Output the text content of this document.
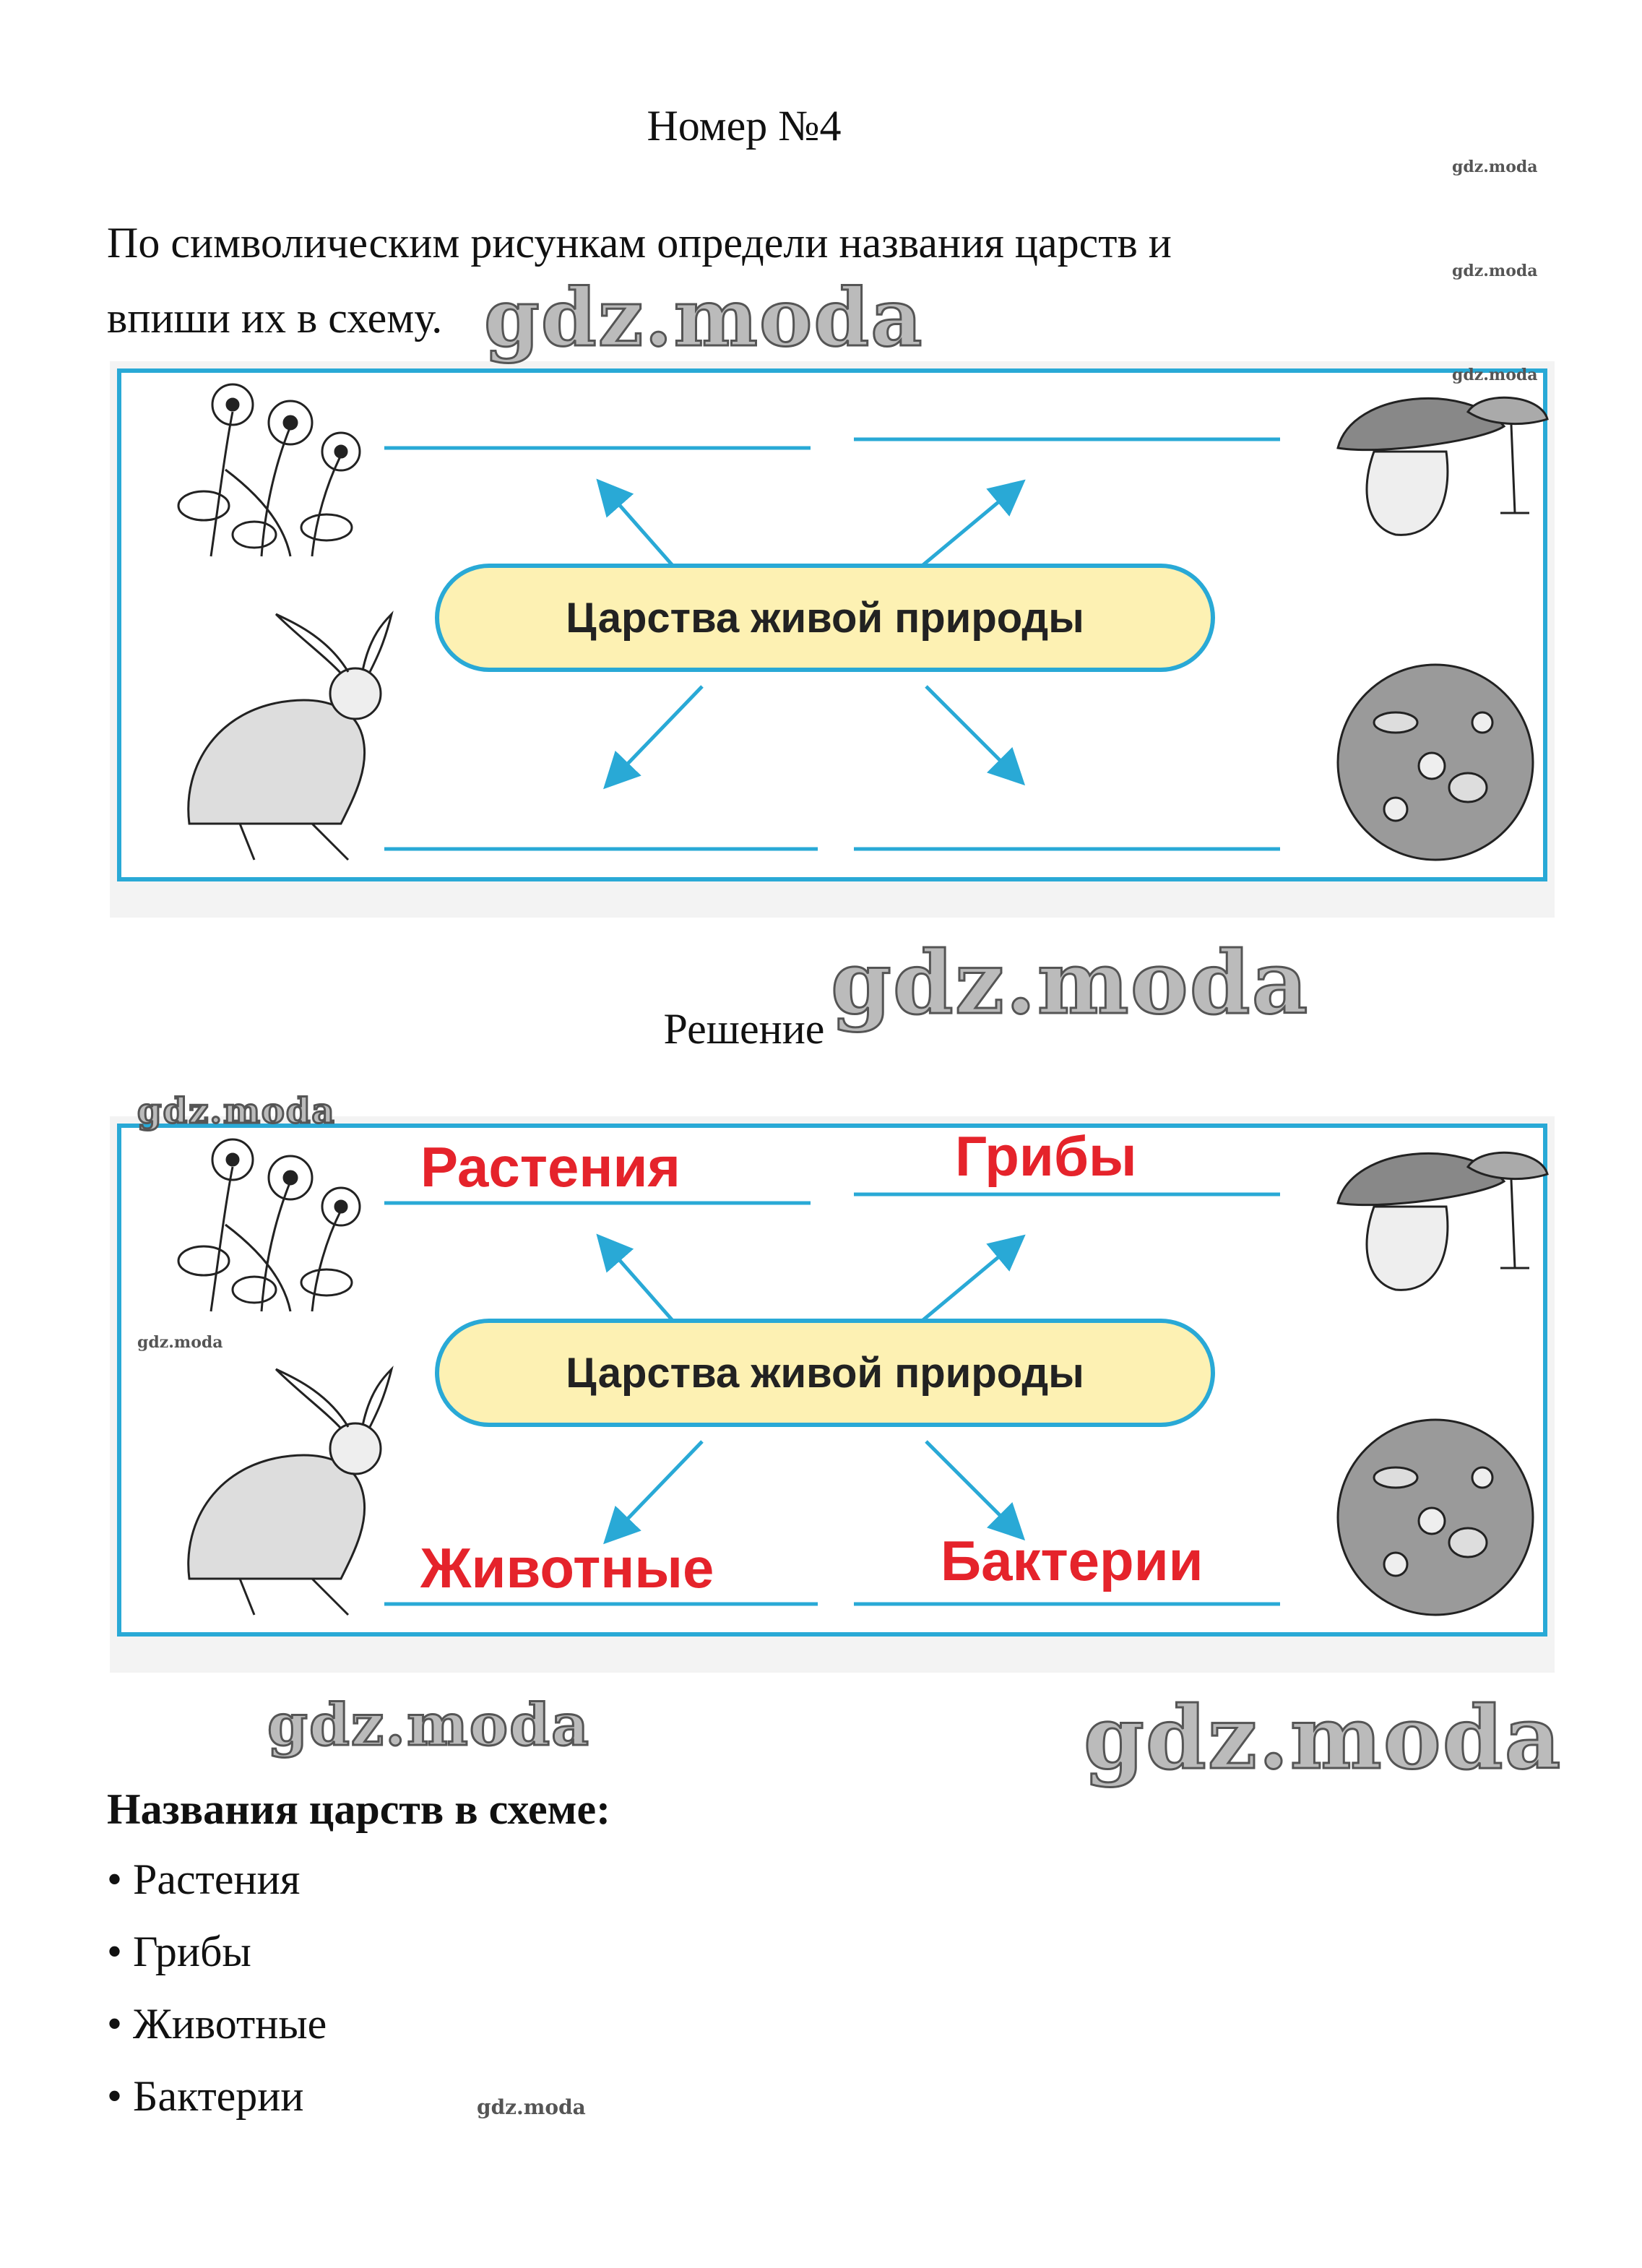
Номер №4
По символическим рисункам определи названия царств и
впиши их в схему.
Царства живой природы
Решение
Царства живой природы
Растения	Грибы
Животные	Бактерии
Названия царств в схеме:
• Растения
• Грибы
• Животные
• Бактерии
gdz.moda
gdz.moda
gdz.moda
gdz.moda	gdz.moda
gdz.moda
gdz.moda
gdz.moda
gdz.moda
gdz.moda
